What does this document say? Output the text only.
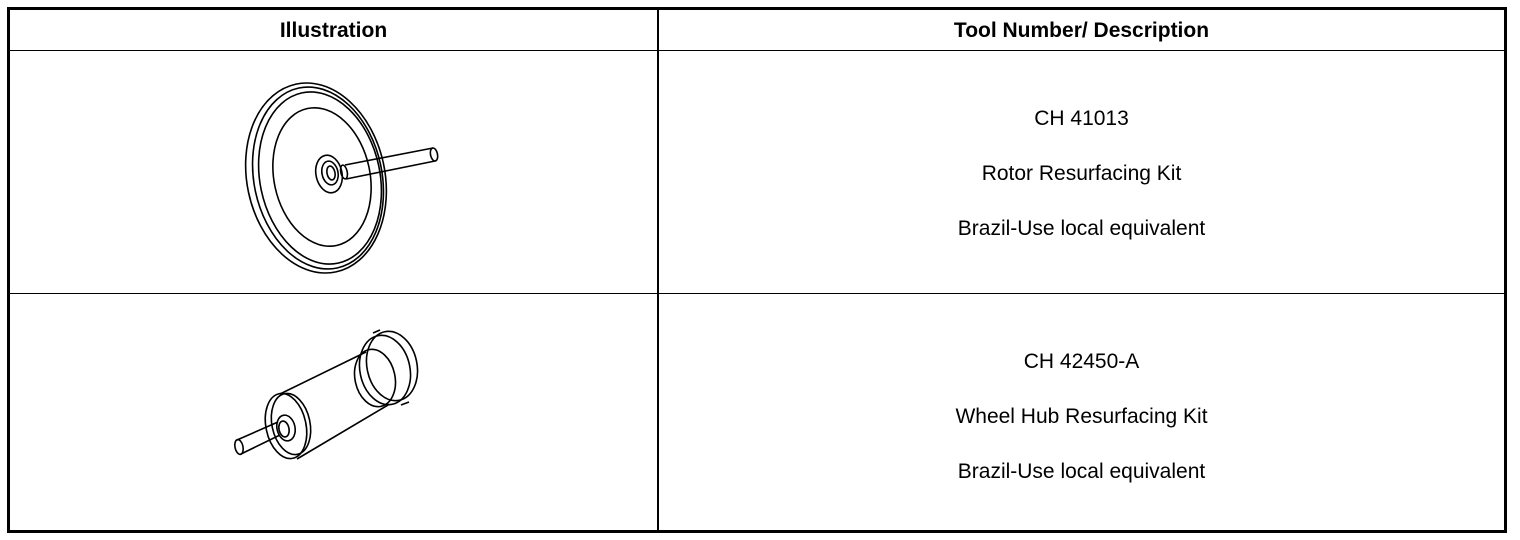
Illustration	Tool Number/ Description
CH 41013
Rotor Resurfacing Kit
Brazil-Use local equivalent
CH 42450-A
Wheel Hub Resurfacing Kit
Brazil-Use local equivalent
